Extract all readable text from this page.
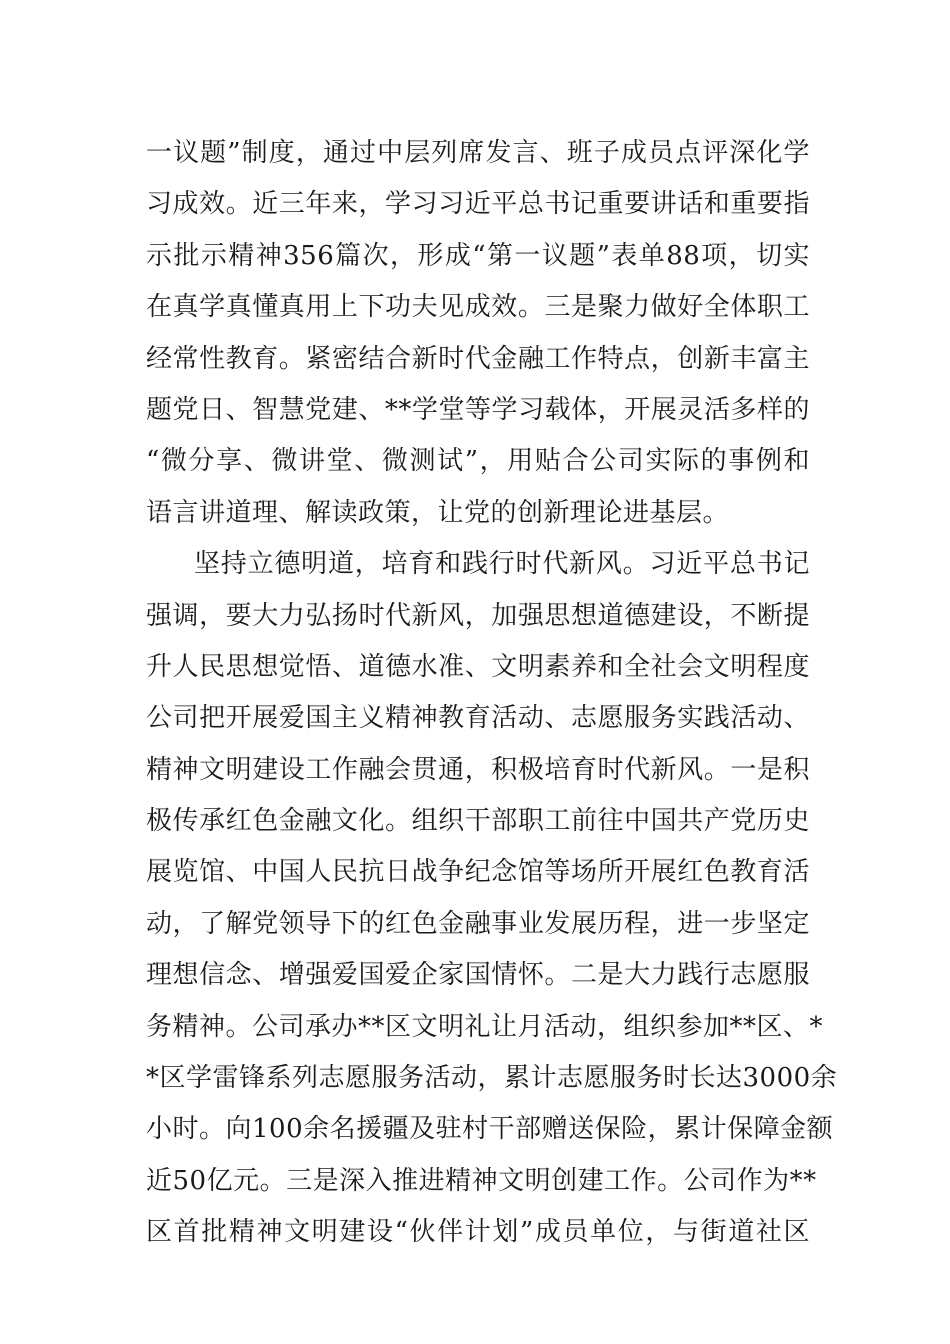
一议题”制度，通过中层列席发言、班子成员点评深化学
习成效。近三年来，学习习近平总书记重要讲话和重要指
示批示精神356篇次，形成“第一议题”表单88项，切实
在真学真懂真用上下功夫见成效。三是聚力做好全体职工
经常性教育。紧密结合新时代金融工作特点，创新丰富主
题党日、智慧党建、**学堂等学习载体，开展灵活多样的
“微分享、微讲堂、微测试”，用贴合公司实际的事例和
语言讲道理、解读政策，让党的创新理论进基层。
坚持立德明道，培育和践行时代新风。习近平总书记
强调，要大力弘扬时代新风，加强思想道德建设，不断提
升人民思想觉悟、道德水准、文明素养和全社会文明程度
公司把开展爱国主义精神教育活动、志愿服务实践活动、
精神文明建设工作融会贯通，积极培育时代新风。一是积
极传承红色金融文化。组织干部职工前往中国共产党历史
展览馆、中国人民抗日战争纪念馆等场所开展红色教育活
动，了解党领导下的红色金融事业发展历程，进一步坚定
理想信念、增强爱国爱企家国情怀。二是大力践行志愿服
务精神。公司承办**区文明礼让月活动，组织参加**区、*
*区学雷锋系列志愿服务活动，累计志愿服务时长达3000余
小时。向100余名援疆及驻村干部赠送保险，累计保障金额
近50亿元。三是深入推进精神文明创建工作。公司作为**
区首批精神文明建设“伙伴计划”成员单位，与街道社区
